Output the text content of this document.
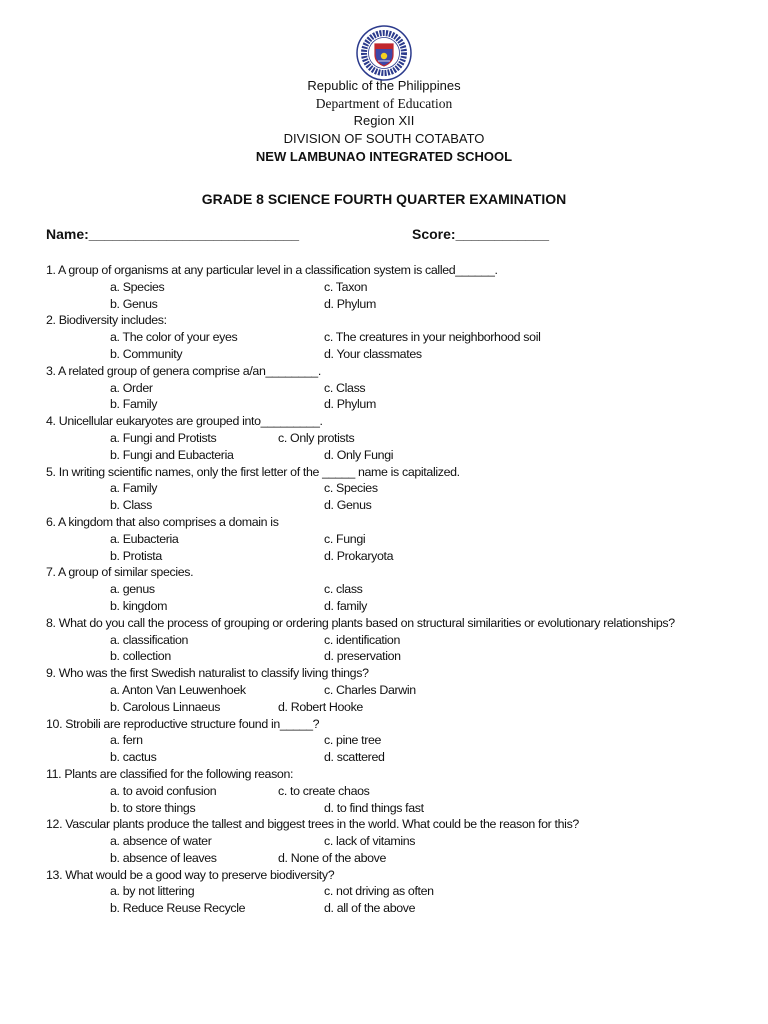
Republic of the Philippines
Department of Education
Region XII
DIVISION OF SOUTH COTABATO
NEW LAMBUNAO INTEGRATED SCHOOL
GRADE 8 SCIENCE FOURTH QUARTER EXAMINATION
Name:___________________________	Score:____________
1. A group of organisms at any particular level in a classification system is called______.
a. Species	c. Taxon
b. Genus	d. Phylum
2. Biodiversity includes:
a. The color of your eyes	c. The creatures in your neighborhood soil
b. Community	d. Your classmates
3. A related group of genera comprise a/an________.
a. Order	c. Class
b. Family	d. Phylum
4. Unicellular eukaryotes are grouped into_________.
a. Fungi and Protists	c. Only protists
b. Fungi and Eubacteria	d. Only Fungi
5. In writing scientific names, only the first letter of the _____ name is capitalized.
a. Family	c. Species
b. Class	d. Genus
6. A kingdom that also comprises a domain is
a. Eubacteria	c. Fungi
b. Protista	d. Prokaryota
7. A group of similar species.
a. genus	c. class
b. kingdom	d. family
8. What do you call the process of grouping or ordering plants based on structural similarities or evolutionary relationships?
a. classification	c. identification
b. collection	d. preservation
9. Who was the first Swedish naturalist to classify living things?
a. Anton Van Leuwenhoek	c. Charles Darwin
b. Carolous Linnaeus	d. Robert Hooke
10. Strobili are reproductive structure found in_____?
a. fern	c. pine tree
b. cactus	d. scattered
11. Plants are classified for the following reason:
a. to avoid confusion	c. to create chaos
b. to store things	d. to find things fast
12. Vascular plants produce the tallest and biggest trees in the world. What could be the reason for this?
a. absence of water	c. lack of vitamins
b. absence of leaves	d. None of the above
13. What would be a good way to preserve biodiversity?
a. by not littering	c. not driving as often
b. Reduce Reuse Recycle	d. all of the above
